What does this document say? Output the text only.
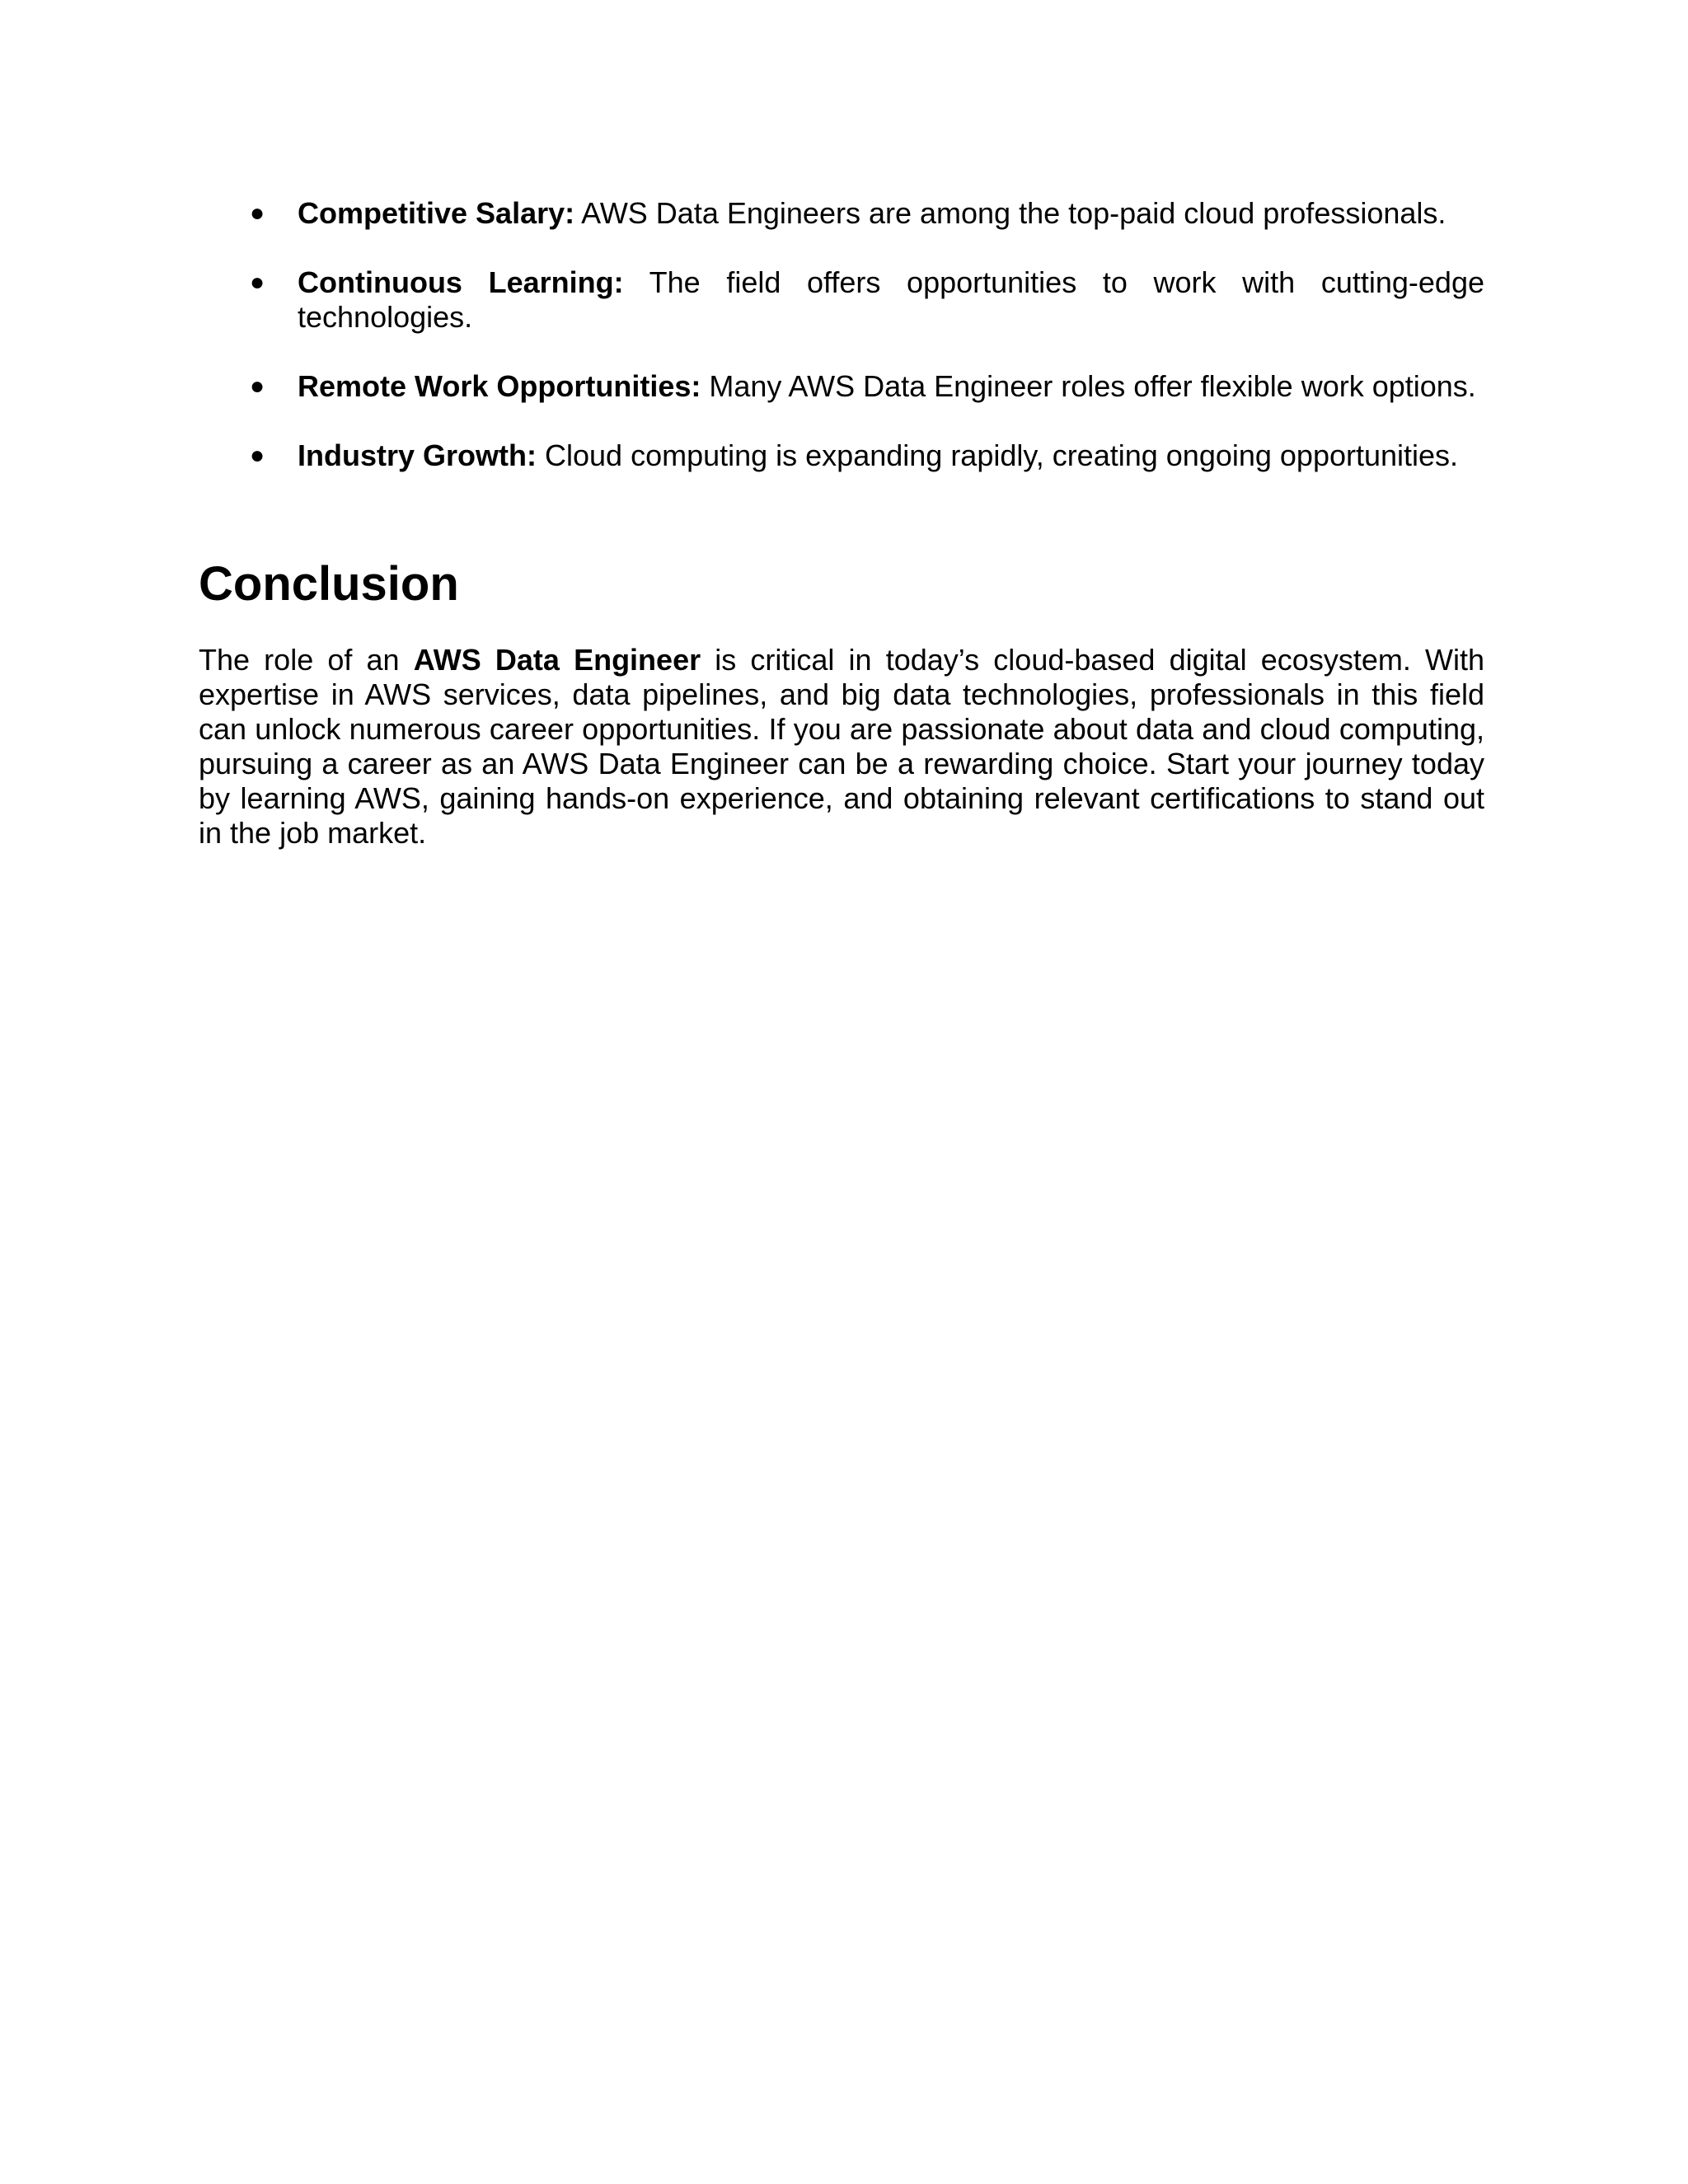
● Competitive Salary: AWS Data Engineers are among the top-paid cloud professionals.
● Continuous Learning: The field offers opportunities to work with cutting-edge technologies.
● Remote Work Opportunities: Many AWS Data Engineer roles offer flexible work options.
● Industry Growth: Cloud computing is expanding rapidly, creating ongoing opportunities.
Conclusion

The role of an AWS Data Engineer is critical in today’s cloud-based digital ecosystem. With expertise in AWS services, data pipelines, and big data technologies, professionals in this field can unlock numerous career opportunities. If you are passionate about data and cloud computing, pursuing a career as an AWS Data Engineer can be a rewarding choice. Start your journey today by learning AWS, gaining hands-on experience, and obtaining relevant certifications to stand out in the job market.
